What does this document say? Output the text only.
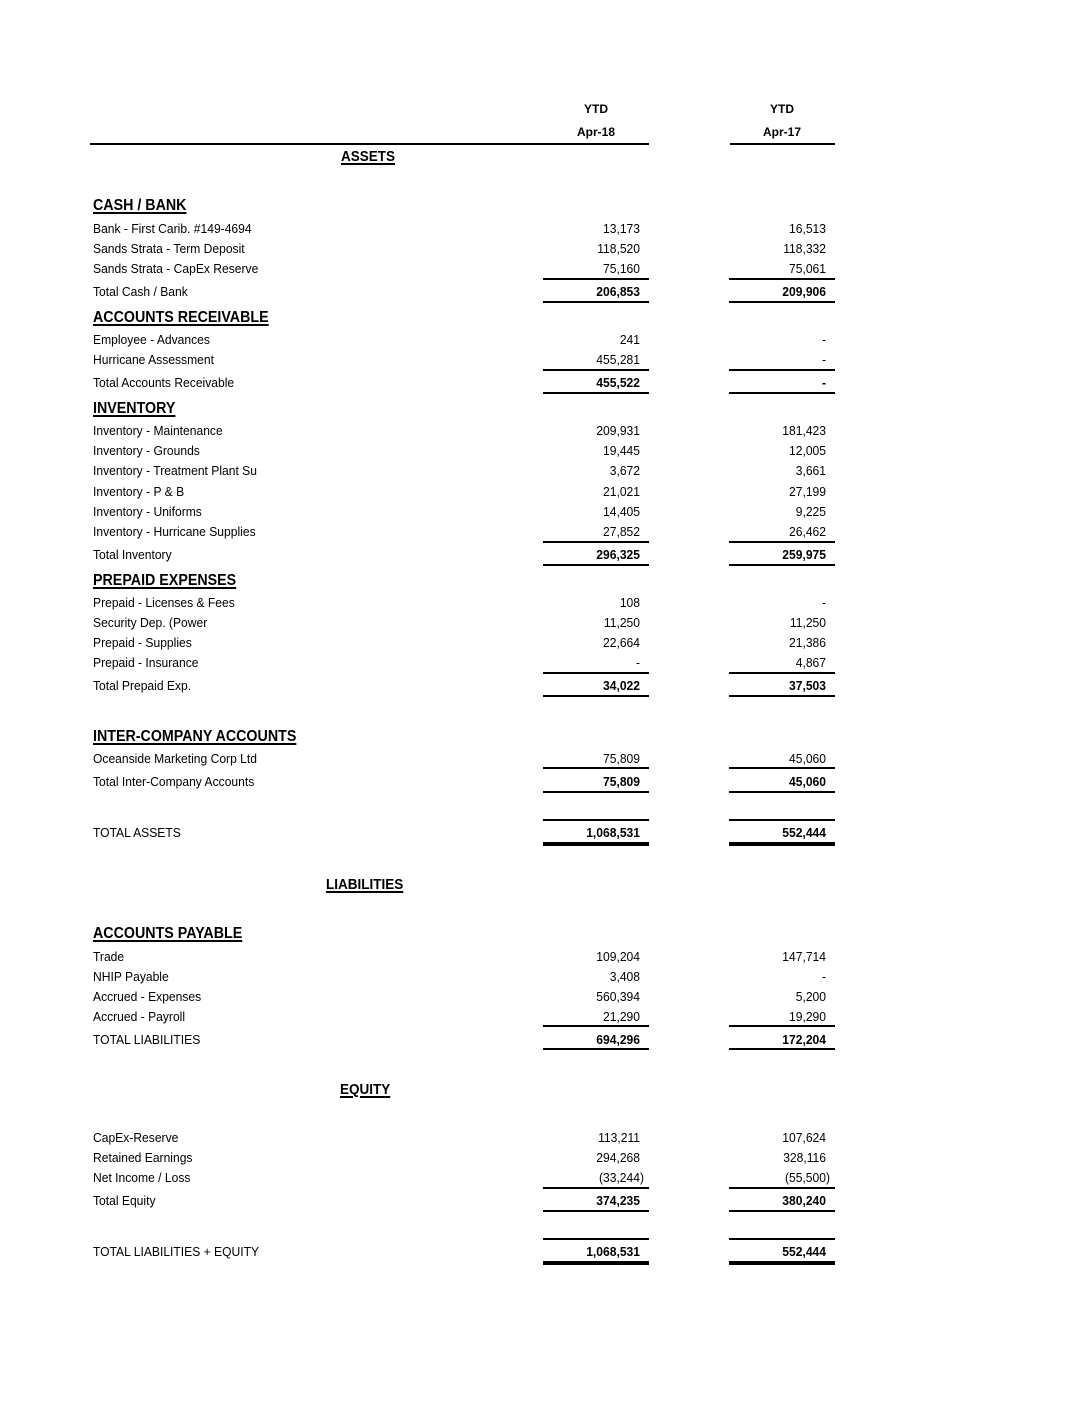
YTD
Apr-18
YTD
Apr-17
ASSETS
CASH / BANK
Bank - First Carib. #149-4694	13,173	16,513
Sands Strata - Term Deposit	118,520	118,332
Sands Strata - CapEx Reserve	75,160	75,061
Total Cash / Bank	206,853	209,906
ACCOUNTS RECEIVABLE
Employee - Advances	241	-
Hurricane Assessment	455,281	-
Total Accounts Receivable	455,522	-
INVENTORY
Inventory - Maintenance	209,931	181,423
Inventory - Grounds	19,445	12,005
Inventory - Treatment Plant Su	3,672	3,661
Inventory - P & B	21,021	27,199
Inventory - Uniforms	14,405	9,225
Inventory - Hurricane Supplies	27,852	26,462
Total Inventory	296,325	259,975
PREPAID EXPENSES
Prepaid - Licenses & Fees	108	-
Security Dep. (Power	11,250	11,250
Prepaid - Supplies	22,664	21,386
Prepaid - Insurance	-	4,867
Total Prepaid Exp.	34,022	37,503
INTER-COMPANY ACCOUNTS
Oceanside Marketing Corp Ltd	75,809	45,060
Total Inter-Company Accounts	75,809	45,060
TOTAL ASSETS	1,068,531	552,444
LIABILITIES
ACCOUNTS PAYABLE
Trade	109,204	147,714
NHIP Payable	3,408	-
Accrued - Expenses	560,394	5,200
Accrued - Payroll	21,290	19,290
TOTAL LIABILITIES	694,296	172,204
EQUITY
CapEx-Reserve	113,211	107,624
Retained Earnings	294,268	328,116
Net Income / Loss	(33,244)	(55,500)
Total Equity	374,235	380,240
TOTAL LIABILITIES + EQUITY	1,068,531	552,444
